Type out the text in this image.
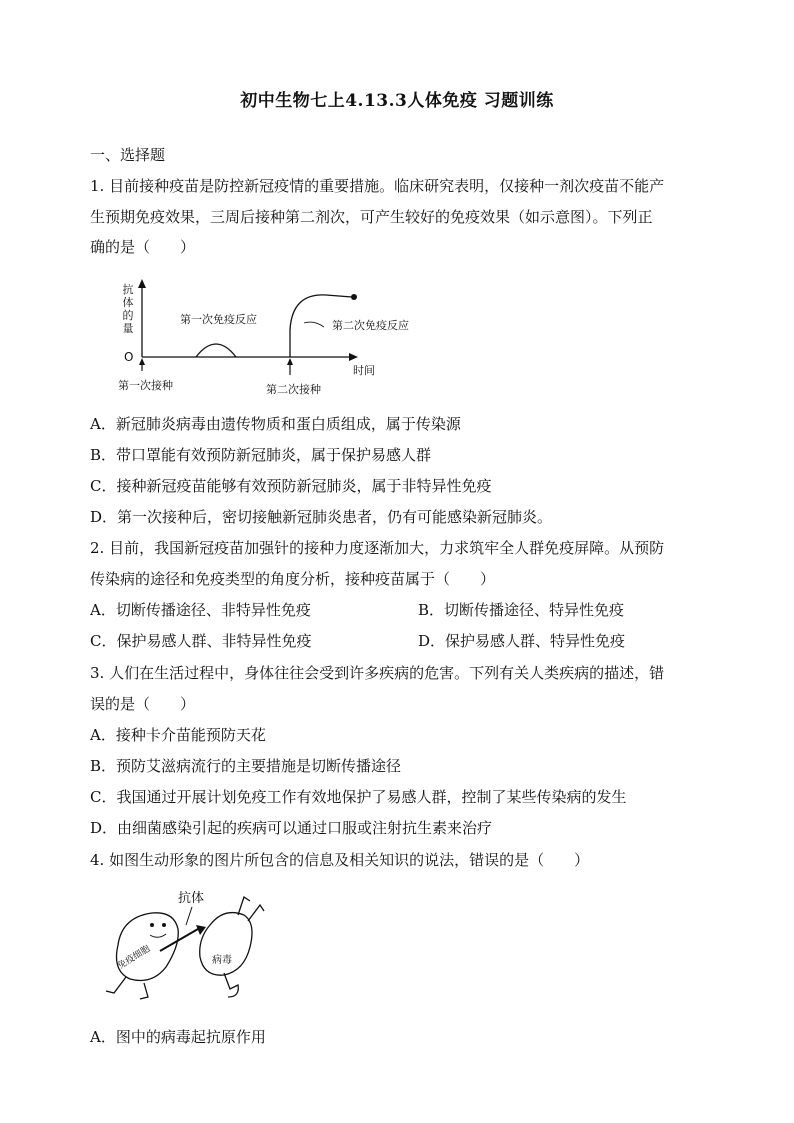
初中生物七上4.13.3人体免疫 习题训练
一、选择题
1. 目前接种疫苗是防控新冠疫情的重要措施。临床研究表明，仅接种一剂次疫苗不能产
生预期免疫效果，三周后接种第二剂次，可产生较好的免疫效果（如示意图）。下列正
确的是（　　）
抗
体
的
量
O
时间
第一次免疫反应	第二次免疫反应
第一次接种	第二次接种
A．新冠肺炎病毒由遗传物质和蛋白质组成，属于传染源
B．带口罩能有效预防新冠肺炎，属于保护易感人群
C．接种新冠疫苗能够有效预防新冠肺炎，属于非特异性免疫
D．第一次接种后，密切接触新冠肺炎患者，仍有可能感染新冠肺炎。
2. 目前，我国新冠疫苗加强针的接种力度逐渐加大，力求筑牢全人群免疫屏障。从预防
传染病的途径和免疫类型的角度分析，接种疫苗属于（　　）
A．切断传播途径、非特异性免疫	B．切断传播途径、特异性免疫
C．保护易感人群、非特异性免疫	D．保护易感人群、特异性免疫
3. 人们在生活过程中，身体往往会受到许多疾病的危害。下列有关人类疾病的描述，错
误的是（　　）
A．接种卡介苗能预防天花
B．预防艾滋病流行的主要措施是切断传播途径
C．我国通过开展计划免疫工作有效地保护了易感人群，控制了某些传染病的发生
D．由细菌感染引起的疾病可以通过口服或注射抗生素来治疗
4. 如图生动形象的图片所包含的信息及相关知识的说法，错误的是（　　）
抗体
免疫细胞	病毒
A．图中的病毒起抗原作用
